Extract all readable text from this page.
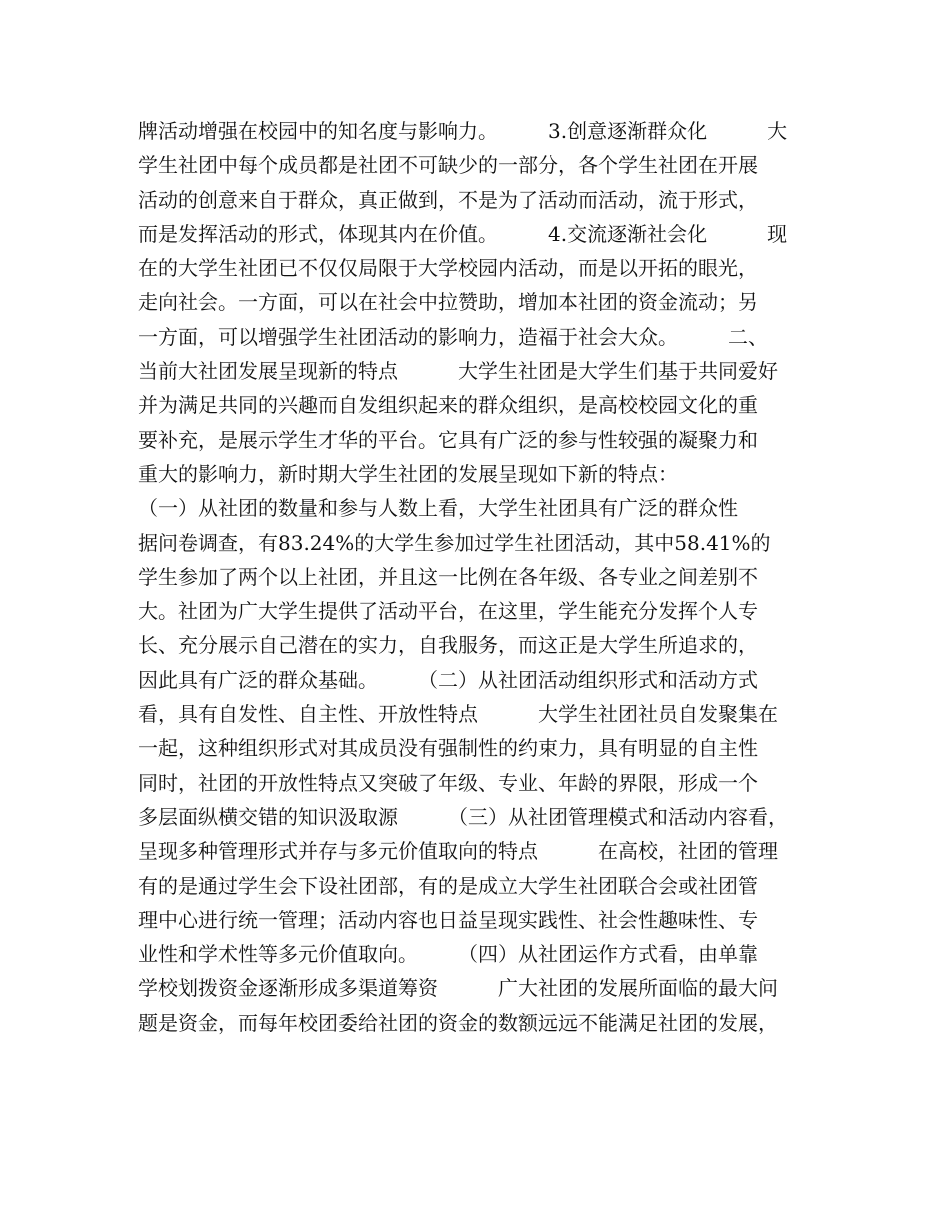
牌活动增强在校园中的知名度与影响力。　　　3.创意逐渐群众化　　　大
学生社团中每个成员都是社团不可缺少的一部分，各个学生社团在开展
活动的创意来自于群众，真正做到，不是为了活动而活动，流于形式，
而是发挥活动的形式，体现其内在价值。　　　4.交流逐渐社会化　　　现
在的大学生社团已不仅仅局限于大学校园内活动，而是以开拓的眼光，
走向社会。一方面，可以在社会中拉赞助，增加本社团的资金流动；另
一方面，可以增强学生社团活动的影响力，造福于社会大众。　　　二、
当前大社团发展呈现新的特点　　　大学生社团是大学生们基于共同爱好
并为满足共同的兴趣而自发组织起来的群众组织，是高校校园文化的重
要补充，是展示学生才华的平台。它具有广泛的参与性较强的凝聚力和
重大的影响力，新时期大学生社团的发展呈现如下新的特点：
（一）从社团的数量和参与人数上看，大学生社团具有广泛的群众性
据问卷调查，有83.24%的大学生参加过学生社团活动，其中58.41%的
学生参加了两个以上社团，并且这一比例在各年级、各专业之间差别不
大。社团为广大学生提供了活动平台，在这里，学生能充分发挥个人专
长、充分展示自己潜在的实力，自我服务，而这正是大学生所追求的，
因此具有广泛的群众基础。　　　（二）从社团活动组织形式和活动方式
看，具有自发性、自主性、开放性特点　　　大学生社团社员自发聚集在
一起，这种组织形式对其成员没有强制性的约束力，具有明显的自主性
同时，社团的开放性特点又突破了年级、专业、年龄的界限，形成一个
多层面纵横交错的知识汲取源　　　（三）从社团管理模式和活动内容看，
呈现多种管理形式并存与多元价值取向的特点　　　在高校，社团的管理
有的是通过学生会下设社团部，有的是成立大学生社团联合会或社团管
理中心进行统一管理；活动内容也日益呈现实践性、社会性趣味性、专
业性和学术性等多元价值取向。　　　（四）从社团运作方式看，由单靠
学校划拨资金逐渐形成多渠道筹资　　　广大社团的发展所面临的最大问
题是资金，而每年校团委给社团的资金的数额远远不能满足社团的发展，
